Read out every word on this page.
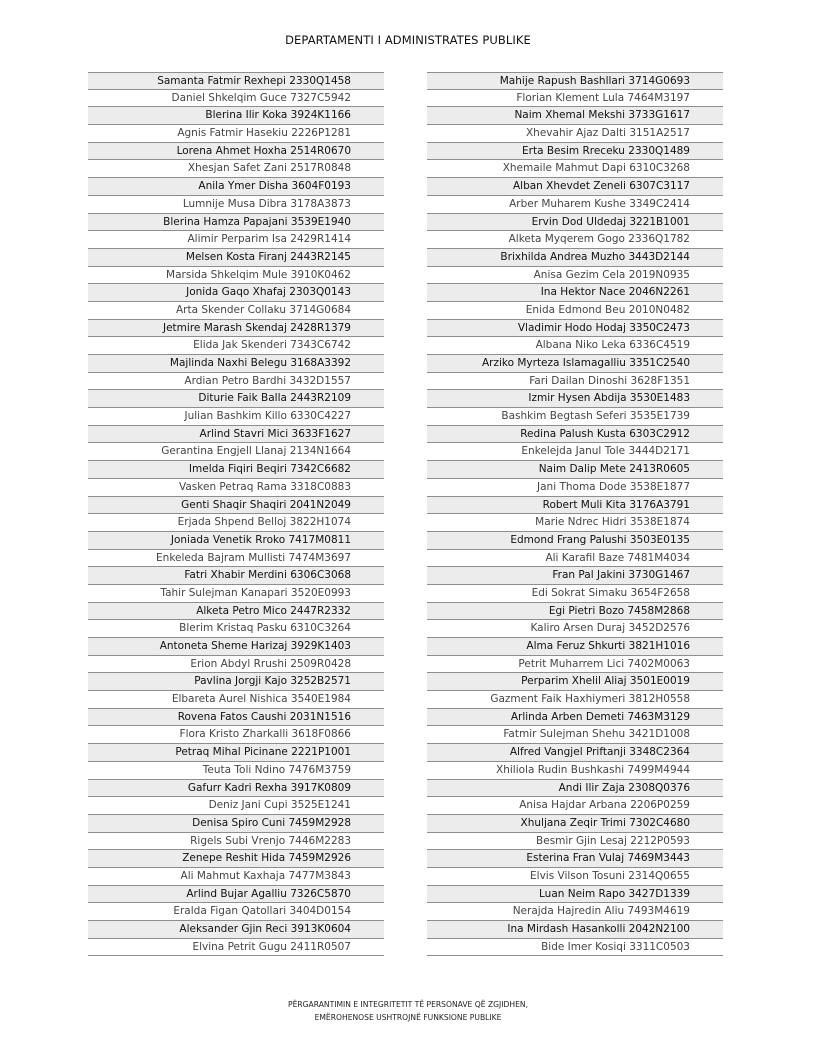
DEPARTAMENTI I ADMINISTRATES PUBLIKE
Samanta Fatmir Rexhepi 2330Q1458
Daniel Shkelqim Guce 7327C5942
Blerina Ilir Koka 3924K1166
Agnis Fatmir Hasekiu 2226P1281
Lorena Ahmet Hoxha 2514R0670
Xhesjan Safet Zani 2517R0848
Anila Ymer Disha 3604F0193
Lumnije Musa Dibra 3178A3873
Blerina Hamza Papajani 3539E1940
Alimir Perparim Isa 2429R1414
Melsen Kosta Firanj 2443R2145
Marsida Shkelqim Mule 3910K0462
Jonida Gaqo Xhafaj 2303Q0143
Arta Skender Collaku 3714G0684
Jetmire Marash Skendaj 2428R1379
Elida Jak Skenderi 7343C6742
Majlinda Naxhi Belegu 3168A3392
Ardian Petro Bardhi 3432D1557
Diturie Faik Balla 2443R2109
Julian Bashkim Killo 6330C4227
Arlind Stavri Mici 3633F1627
Gerantina Engjell Llanaj 2134N1664
Imelda Fiqiri Beqiri 7342C6682
Vasken Petraq Rama 3318C0883
Genti Shaqir Shaqiri 2041N2049
Erjada Shpend Belloj 3822H1074
Joniada Venetik Rroko 7417M0811
Enkeleda Bajram Mullisti 7474M3697
Fatri Xhabir Merdini 6306C3068
Tahir Sulejman Kanapari 3520E0993
Alketa Petro Mico 2447R2332
Blerim Kristaq Pasku 6310C3264
Antoneta Sheme Harizaj 3929K1403
Erion Abdyl Rrushi 2509R0428
Pavlina Jorgji Kajo 3252B2571
Elbareta Aurel Nishica 3540E1984
Rovena Fatos Caushi 2031N1516
Flora Kristo Zharkalli 3618F0866
Petraq Mihal Picinane 2221P1001
Teuta Toli Ndino 7476M3759
Gafurr Kadri Rexha 3917K0809
Deniz Jani Cupi 3525E1241
Denisa Spiro Cuni 7459M2928
Rigels Subi Vrenjo 7446M2283
Zenepe Reshit Hida 7459M2926
Ali Mahmut Kaxhaja 7477M3843
Arlind Bujar Agalliu 7326C5870
Eralda Figan Qatollari 3404D0154
Aleksander Gjin Reci 3913K0604
Elvina Petrit Gugu 2411R0507
Mahije Rapush Bashllari 3714G0693
Florian Klement Lula 7464M3197
Naim Xhemal Mekshi 3733G1617
Xhevahir Ajaz Dalti 3151A2517
Erta Besim Rreceku 2330Q1489
Xhemaile Mahmut Dapi 6310C3268
Alban Xhevdet Zeneli 6307C3117
Arber Muharem Kushe 3349C2414
Ervin Dod Uldedaj 3221B1001
Alketa Myqerem Gogo 2336Q1782
Brixhilda Andrea Muzho 3443D2144
Anisa Gezim Cela 2019N0935
Ina Hektor Nace 2046N2261
Enida Edmond Beu 2010N0482
Vladimir Hodo Hodaj 3350C2473
Albana Niko Leka 6336C4519
Arziko Myrteza Islamagalliu 3351C2540
Fari Dailan Dinoshi 3628F1351
Izmir Hysen Abdija 3530E1483
Bashkim Begtash Seferi 3535E1739
Redina Palush Kusta 6303C2912
Enkelejda Janul Tole 3444D2171
Naim Dalip Mete 2413R0605
Jani Thoma Dode 3538E1877
Robert Muli Kita 3176A3791
Marie Ndrec Hidri 3538E1874
Edmond Frang Palushi 3503E0135
Ali Karafil Baze 7481M4034
Fran Pal Jakini 3730G1467
Edi Sokrat Simaku 3654F2658
Egi Pietri Bozo 7458M2868
Kaliro Arsen Duraj 3452D2576
Alma Feruz Shkurti 3821H1016
Petrit Muharrem Lici 7402M0063
Perparim Xhelil Aliaj 3501E0019
Gazment Faik Haxhiymeri 3812H0558
Arlinda Arben Demeti 7463M3129
Fatmir Sulejman Shehu 3421D1008
Alfred Vangjel Priftanji 3348C2364
Xhiliola Rudin Bushkashi 7499M4944
Andi Ilir Zaja 2308Q0376
Anisa Hajdar Arbana 2206P0259
Xhuljana Zeqir Trimi 7302C4680
Besmir Gjin Lesaj 2212P0593
Esterina Fran Vulaj 7469M3443
Elvis Vilson Tosuni 2314Q0655
Luan Neim Rapo 3427D1339
Nerajda Hajredin Aliu 7493M4619
Ina Mirdash Hasankolli 2042N2100
Bide Imer Kosiqi 3311C0503
PËRGARANTIMIN E INTEGRITETIT TË PERSONAVE QË ZGJIDHEN,
EMËROHENOSE USHTROJNË FUNKSIONE PUBLIKE
